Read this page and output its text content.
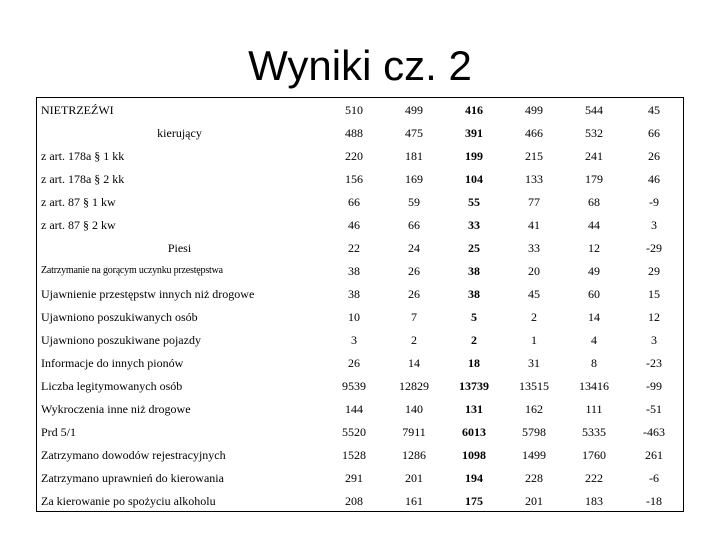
Wyniki cz. 2
NIETRZEŹWI	510	499	416	499	544	45
kierujący	488	475	391	466	532	66
z art. 178a § 1 kk	220	181	199	215	241	26
z art. 178a § 2 kk	156	169	104	133	179	46
z art. 87 § 1 kw	66	59	55	77	68	-9
z art. 87 § 2 kw	46	66	33	41	44	3
Piesi	22	24	25	33	12	-29
Zatrzymanie na gorącym uczynku przestępstwa	38	26	38	20	49	29
Ujawnienie przestępstw innych niż drogowe	38	26	38	45	60	15
Ujawniono poszukiwanych osób	10	7	5	2	14	12
Ujawniono poszukiwane pojazdy	3	2	2	1	4	3
Informacje do innych pionów	26	14	18	31	8	-23
Liczba legitymowanych osób	9539	12829	13739	13515	13416	-99
Wykroczenia inne niż drogowe	144	140	131	162	111	-51
Prd 5/1	5520	7911	6013	5798	5335	-463
Zatrzymano dowodów rejestracyjnych	1528	1286	1098	1499	1760	261
Zatrzymano uprawnień do kierowania	291	201	194	228	222	-6
Za kierowanie po spożyciu alkoholu	208	161	175	201	183	-18
